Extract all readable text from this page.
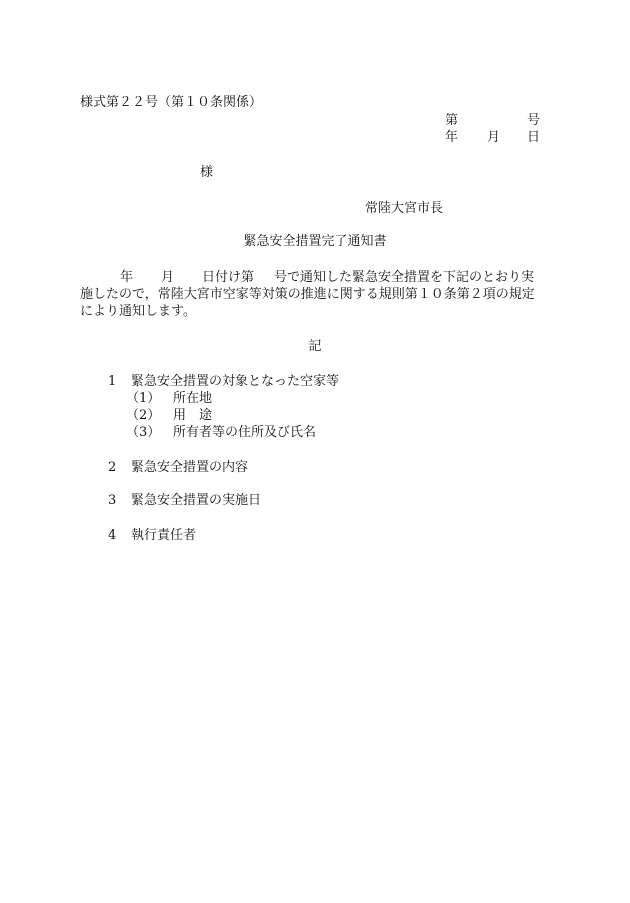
様式第２２号（第１０条関係）
第	号
年 月 日
様
常陸大宮市長
緊急安全措置完了通知書
年 月 日付け第 号で通知した緊急安全措置を下記のとおり実
施したので，常陸大宮市空家等対策の推進に関する規則第１０条第２項の規定
により通知します。
記
1 緊急安全措置の対象となった空家等
（1） 所在地
（2） 用　途
（3） 所有者等の住所及び氏名
2 緊急安全措置の内容
3 緊急安全措置の実施日
4 執行責任者
